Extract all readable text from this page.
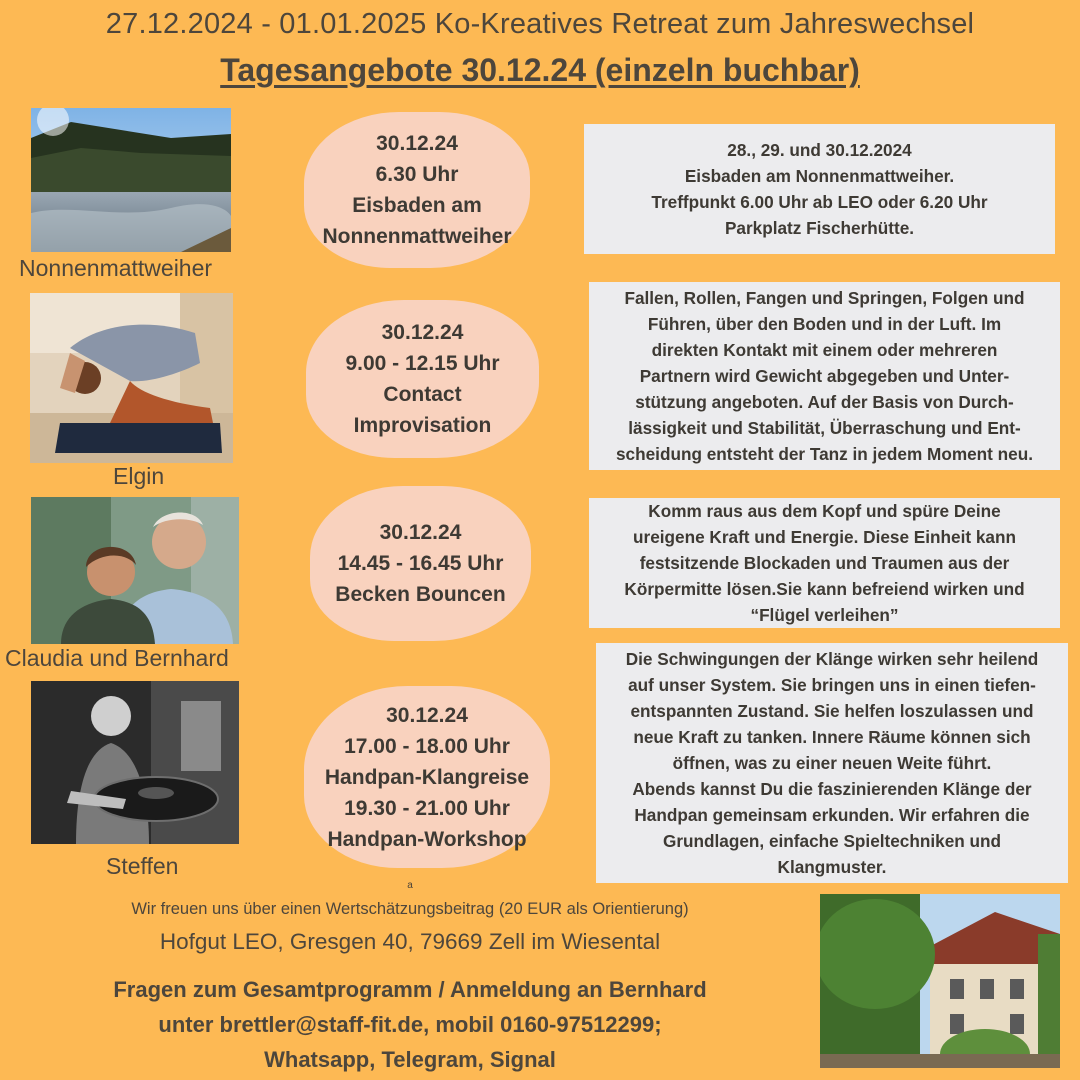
27.12.2024 - 01.01.2025 Ko-Kreatives Retreat zum Jahreswechsel
Tagesangebote 30.12.24 (einzeln buchbar)
Nonnenmattweiher
30.12.24
6.30 Uhr
Eisbaden am
Nonnenmattweiher
28., 29. und 30.12.2024
Eisbaden am Nonnenmattweiher.
Treffpunkt 6.00 Uhr ab LEO oder 6.20 Uhr
Parkplatz Fischerhütte.
Elgin
30.12.24
9.00 - 12.15 Uhr
Contact
Improvisation
Fallen, Rollen, Fangen und Springen, Folgen und
Führen, über den Boden und in der Luft. Im
direkten Kontakt mit einem oder mehreren
Partnern wird Gewicht abgegeben und Unter-
stützung angeboten. Auf der Basis von Durch-
lässigkeit und Stabilität, Überraschung und Ent-
scheidung entsteht der Tanz in jedem Moment neu.
Claudia und Bernhard
30.12.24
14.45 - 16.45 Uhr
Becken Bouncen
Komm raus aus dem Kopf und spüre Deine
ureigene Kraft und Energie. Diese Einheit kann
festsitzende Blockaden und Traumen aus der
Körpermitte lösen.Sie kann befreiend wirken und
“Flügel verleihen”
Steffen
30.12.24
17.00 - 18.00 Uhr
Handpan-Klangreise
19.30 - 21.00 Uhr
Handpan-Workshop
Die Schwingungen der Klänge wirken sehr heilend
auf unser System. Sie bringen uns in einen tiefen-
entspannten Zustand. Sie helfen loszulassen und
neue Kraft zu tanken. Innere Räume können sich
öffnen, was zu einer neuen Weite führt.
Abends kannst Du die faszinierenden Klänge der
Handpan gemeinsam erkunden. Wir erfahren die
Grundlagen, einfache Spieltechniken und
Klangmuster.
a
Wir freuen uns über einen Wertschätzungsbeitrag (20 EUR als Orientierung)
Hofgut LEO, Gresgen 40, 79669 Zell im Wiesental
Fragen zum Gesamtprogramm / Anmeldung an Bernhard
unter brettler@staff-fit.de, mobil 0160-97512299;
Whatsapp, Telegram, Signal
